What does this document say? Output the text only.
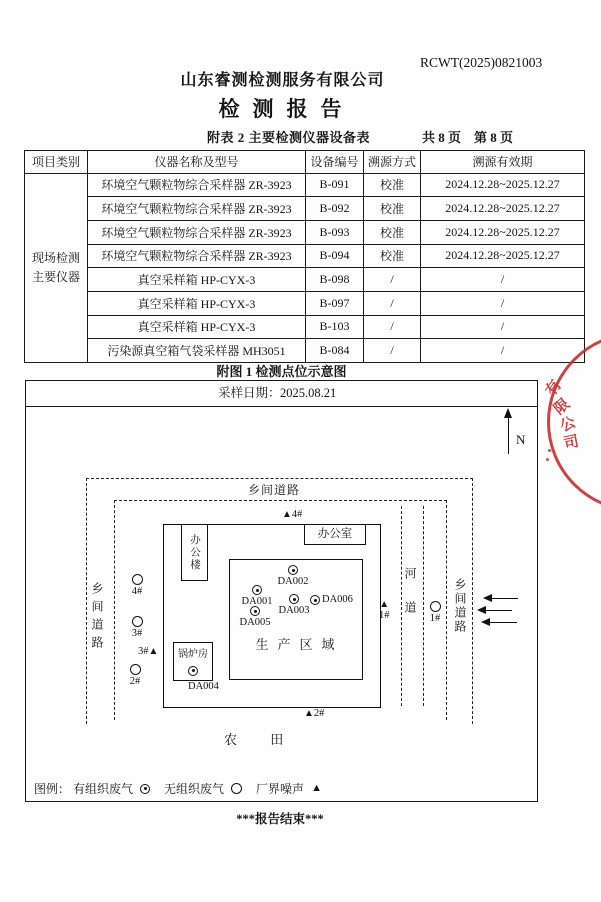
RCWT(2025)0821003
山东睿测检测服务有限公司
检测报告
附表 2 主要检测仪器设备表	共 8 页　第 8 页
项目类别	仪器名称及型号	设备编号	溯源方式	溯源有效期
现场检测
主要仪器	环境空气颗粒物综合采样器 ZR-3923	B-091	校准	2024.12.28~2025.12.27
	环境空气颗粒物综合采样器 ZR-3923	B-092	校准	2024.12.28~2025.12.27
	环境空气颗粒物综合采样器 ZR-3923	B-093	校准	2024.12.28~2025.12.27
	环境空气颗粒物综合采样器 ZR-3923	B-094	校准	2024.12.28~2025.12.27
	真空采样箱 HP-CYX-3	B-098	/	/
	真空采样箱 HP-CYX-3	B-097	/	/
	真空采样箱 HP-CYX-3	B-103	/	/
	污染源真空箱气袋采样器 MH3051	B-084	/	/
附图 1 检测点位示意图
采样日期： 2025.08.21
N
乡间道路
乡间道路	乡间道路
办公楼	办公室
生产区域
DA002
DA001
DA003
DA006
DA005
锅炉房
DA004
▲ 4#
3# ▲
▲
1#
▲ 2#
4#
3#
2#
1#
河道
农	田
图例： 有组织废气	无组织废气	厂界噪声 ▲
有
限
公
司
***报告结束***
